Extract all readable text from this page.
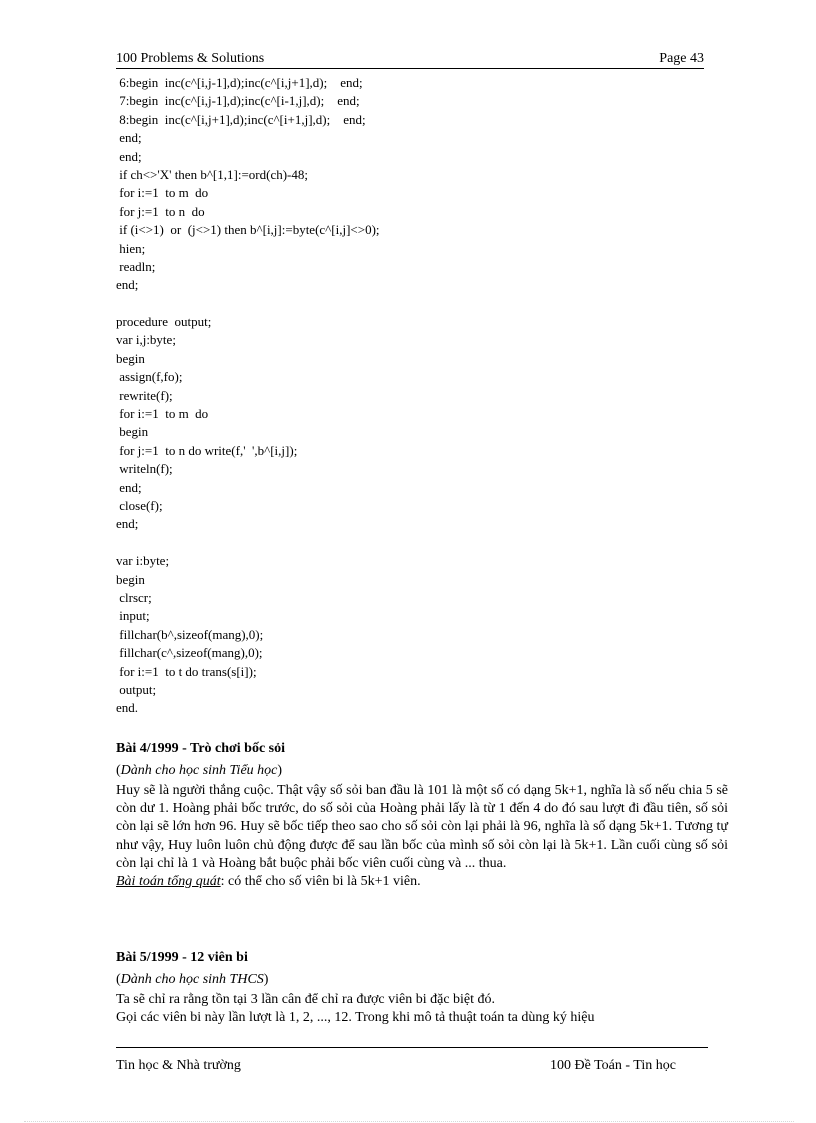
100 Problems & Solutions	Page 43
6:begin  inc(c^[i,j-1],d);inc(c^[i,j+1],d);    end;
7:begin  inc(c^[i,j-1],d);inc(c^[i-1,j],d);    end;
8:begin  inc(c^[i,j+1],d);inc(c^[i+1,j],d);    end;
end;
end;
if ch<>'X' then b^[1,1]:=ord(ch)-48;
for i:=1  to m  do
for j:=1  to n  do
if (i<>1)  or  (j<>1) then b^[i,j]:=byte(c^[i,j]<>0);
hien;
readln;
end;
procedure  output;
var i,j:byte;
begin
assign(f,fo);
rewrite(f);
for i:=1  to m  do
begin
for j:=1  to n do write(f,'  ',b^[i,j]);
writeln(f);
end;
close(f);
end;
var i:byte;
begin
clrscr;
input;
fillchar(b^,sizeof(mang),0);
fillchar(c^,sizeof(mang),0);
for i:=1  to t do trans(s[i]);
output;
end.
Bài 4/1999 - Trò chơi bốc sỏi

(Dành cho học sinh Tiểu học)

Huy sẽ là người thắng cuộc. Thật vậy số sỏi ban đầu là 101 là một số có dạng 5k+1, nghĩa là số nếu chia 5 sẽ còn dư 1. Hoàng phải bốc trước, do số sỏi của Hoàng phải lấy là từ 1 đến 4 do đó sau lượt đi đầu tiên, số sỏi còn lại sẽ lớn hơn 96. Huy sẽ bốc tiếp theo sao cho số sỏi còn lại phải là 96, nghĩa là số dạng 5k+1. Tương tự như vậy, Huy luôn luôn chủ động được để sau lần bốc của mình số sỏi còn lại là 5k+1. Lần cuối cùng số sỏi còn lại chỉ là 1 và Hoàng bắt buộc phải bốc viên cuối cùng và ... thua.

Bài toán tổng quát: có thể cho số viên bi là 5k+1 viên.

Bài 5/1999 - 12 viên bi

(Dành cho học sinh THCS)

Ta sẽ chỉ ra rằng tồn tại 3 lần cân để chỉ ra được viên bi đặc biệt đó.

Gọi các viên bi này lần lượt là 1, 2, ..., 12. Trong khi mô tả thuật toán ta dùng ký hiệu

Tin học & Nhà trường	100 Đề Toán - Tin học
